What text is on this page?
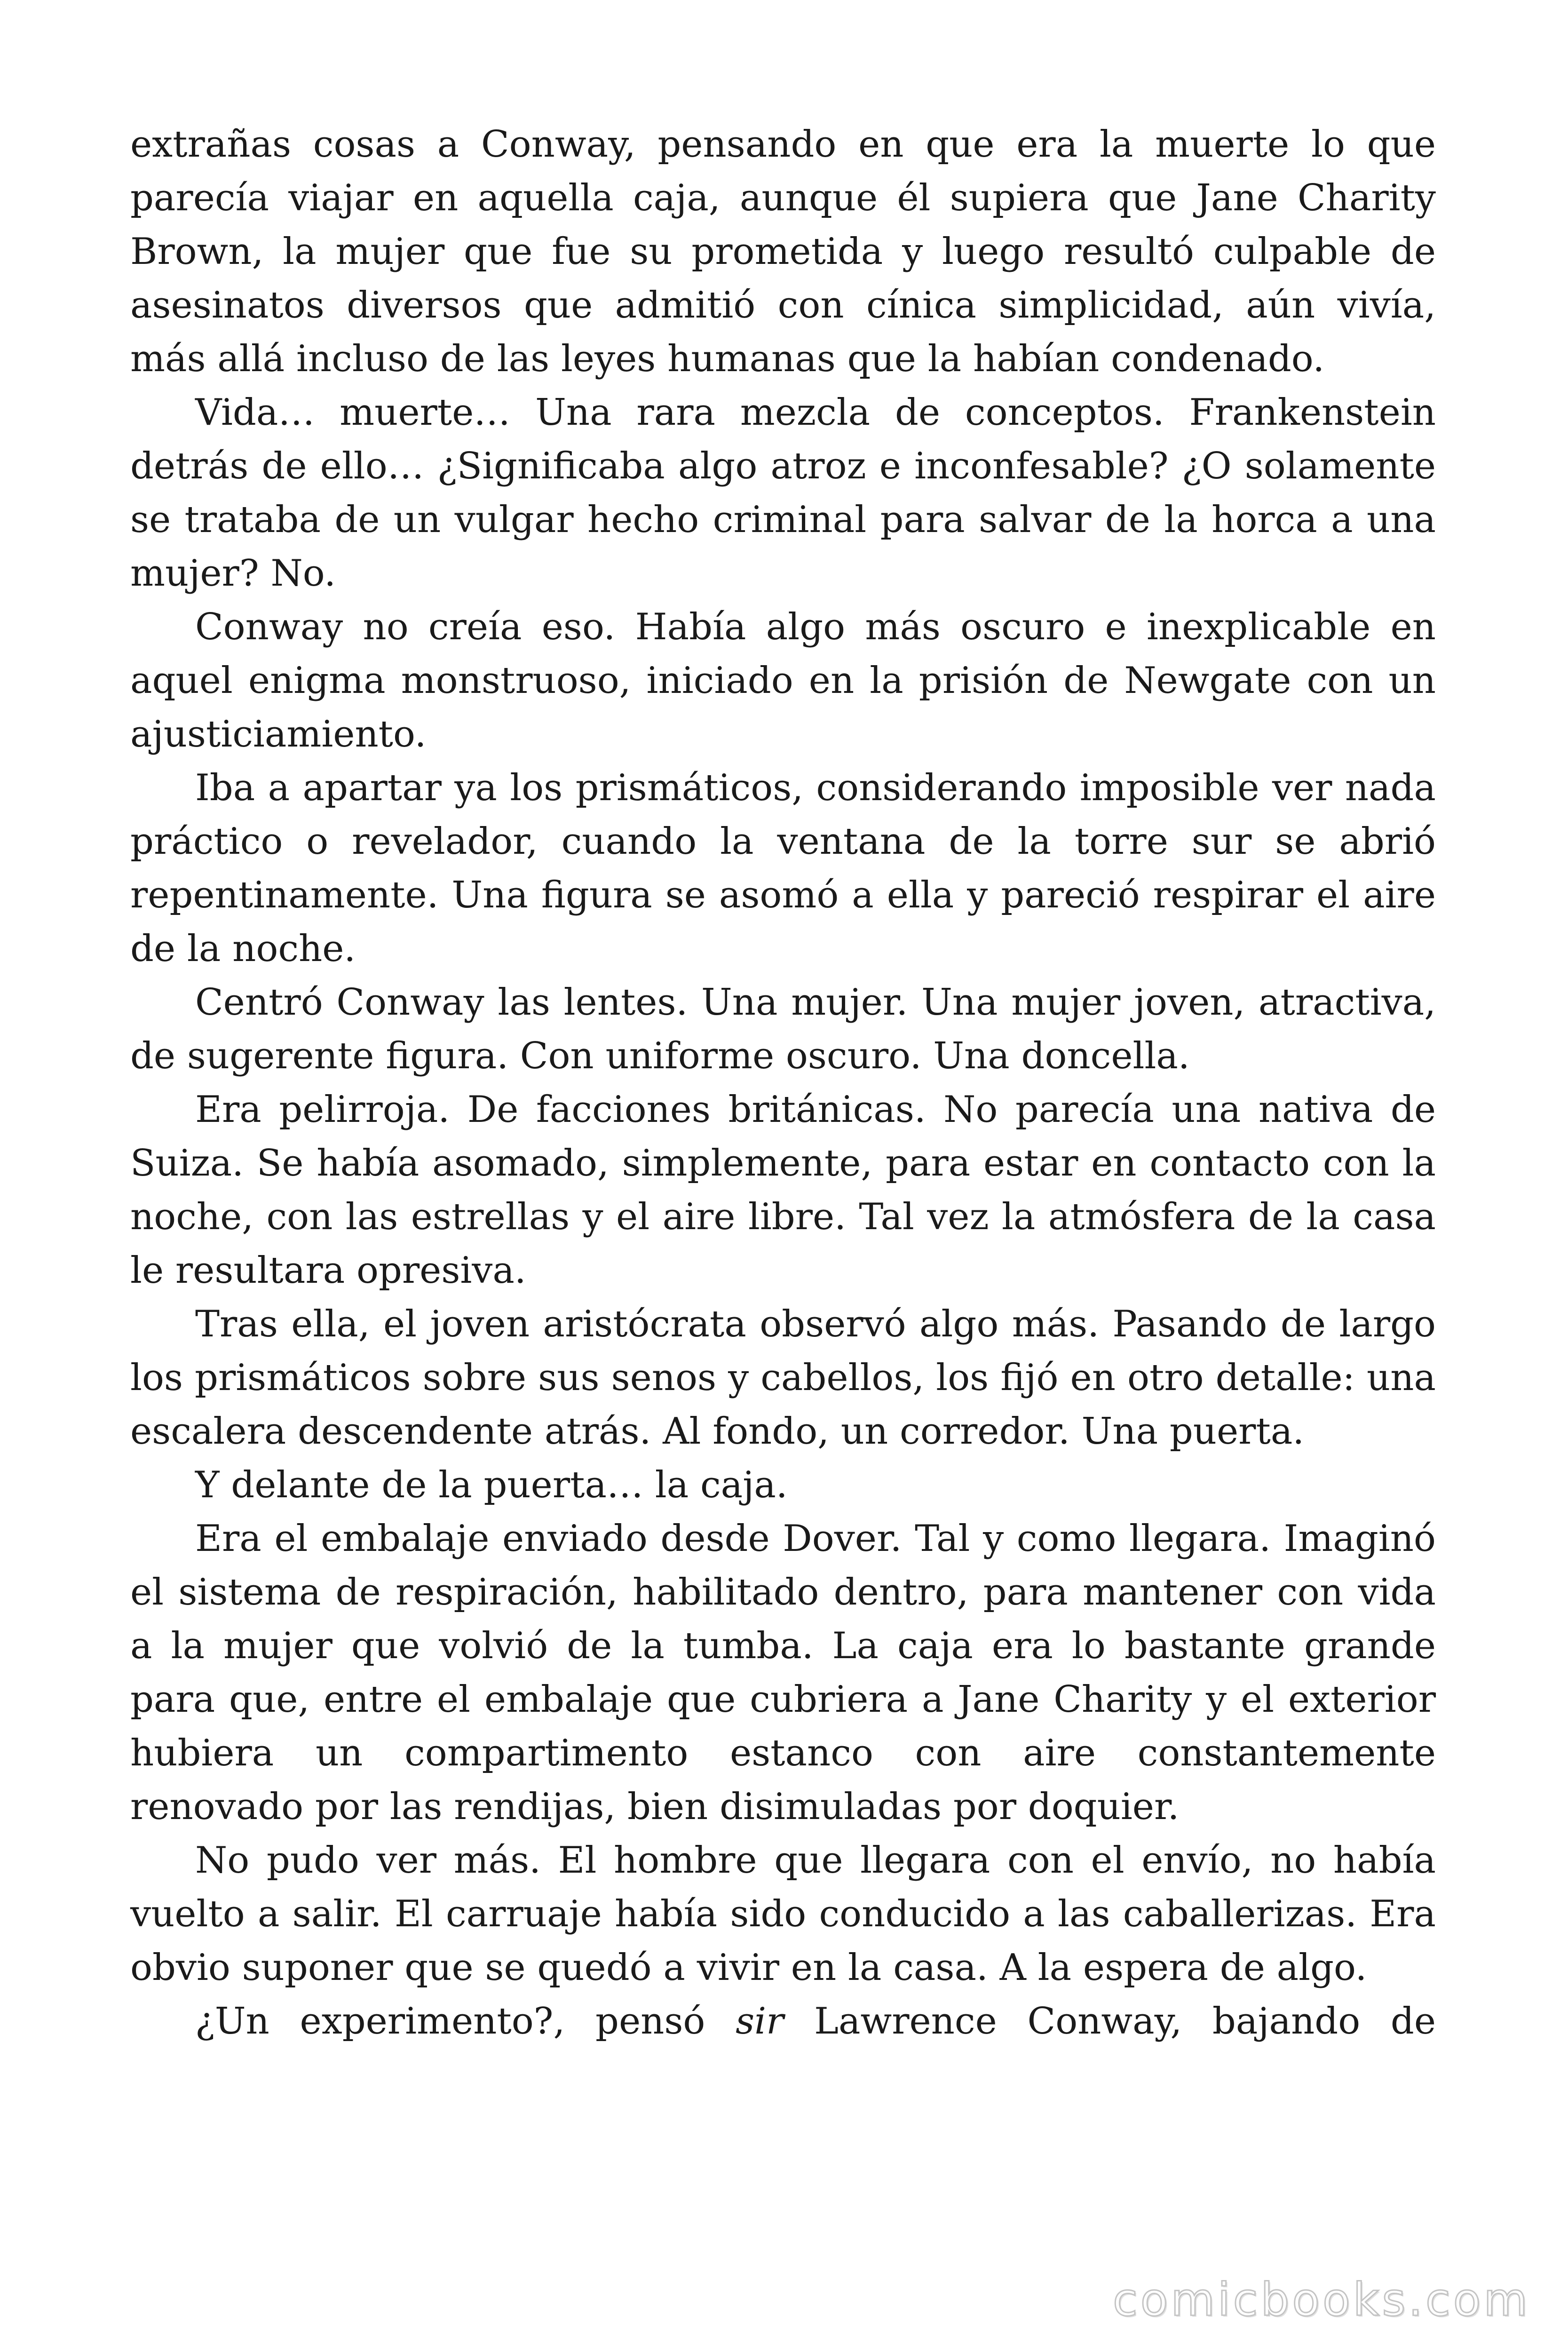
extrañas cosas a Conway, pensando en que era la muerte lo que parecía viajar en aquella caja, aunque él supiera que Jane Charity Brown, la mujer que fue su prometida y luego resultó culpable de asesinatos diversos que admitió con cínica simplicidad, aún vivía, más allá incluso de las leyes humanas que la habían condenado.

Vida… muerte… Una rara mezcla de conceptos. Frankenstein detrás de ello… ¿Significaba algo atroz e inconfesable? ¿O solamente se trataba de un vulgar hecho criminal para salvar de la horca a una mujer? No.

Conway no creía eso. Había algo más oscuro e inexplicable en aquel enigma monstruoso, iniciado en la prisión de Newgate con un ajusticiamiento.

Iba a apartar ya los prismáticos, considerando imposible ver nada práctico o revelador, cuando la ventana de la torre sur se abrió repentinamente. Una figura se asomó a ella y pareció respirar el aire de la noche.

Centró Conway las lentes. Una mujer. Una mujer joven, atractiva, de sugerente figura. Con uniforme oscuro. Una doncella.

Era pelirroja. De facciones británicas. No parecía una nativa de Suiza. Se había asomado, simplemente, para estar en contacto con la noche, con las estrellas y el aire libre. Tal vez la atmósfera de la casa le resultara opresiva.

Tras ella, el joven aristócrata observó algo más. Pasando de largo los prismáticos sobre sus senos y cabellos, los fijó en otro detalle: una escalera descendente atrás. Al fondo, un corredor. Una puerta.

Y delante de la puerta… la caja.

Era el embalaje enviado desde Dover. Tal y como llegara. Imaginó el sistema de respiración, habilitado dentro, para mantener con vida a la mujer que volvió de la tumba. La caja era lo bastante grande para que, entre el embalaje que cubriera a Jane Charity y el exterior hubiera un compartimento estanco con aire constantemente renovado por las rendijas, bien disimuladas por doquier.

No pudo ver más. El hombre que llegara con el envío, no había vuelto a salir. El carruaje había sido conducido a las caballerizas. Era obvio suponer que se quedó a vivir en la casa. A la espera de algo.

¿Un experimento?, pensó sir Lawrence Conway, bajando de

comicbooks.com
